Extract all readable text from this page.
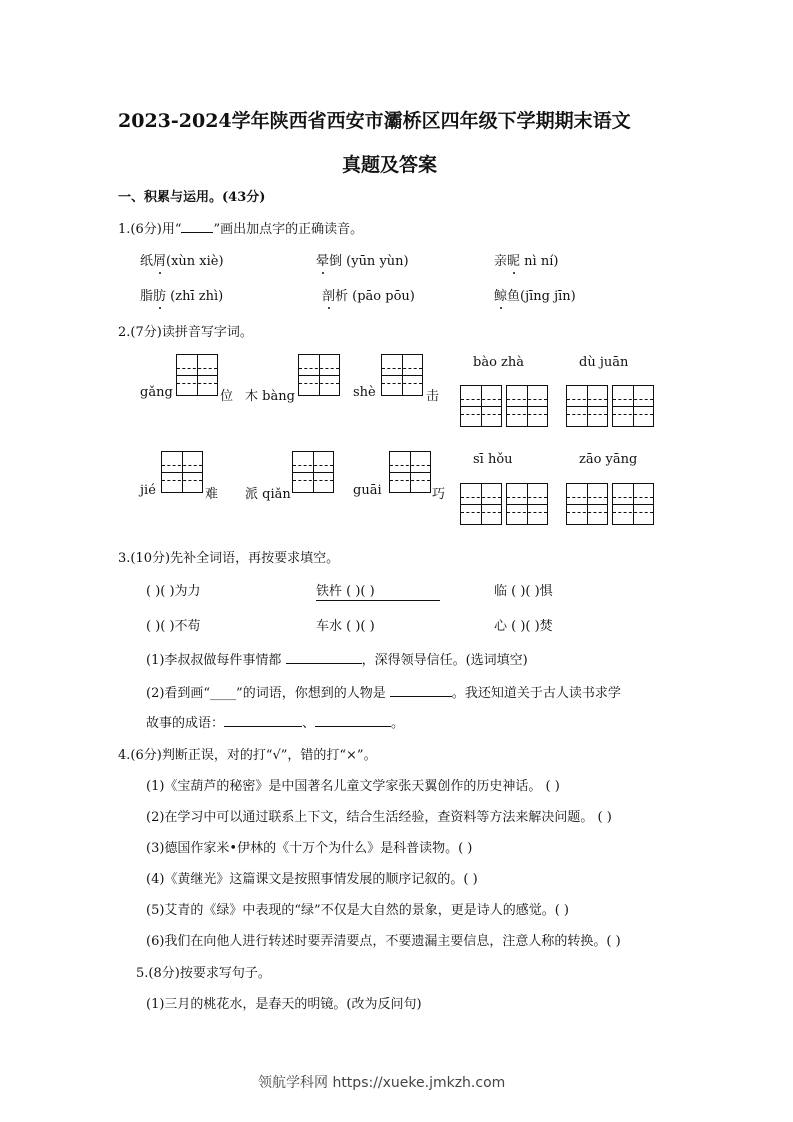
2023-2024学年陕西省西安市灞桥区四年级下学期期末语文
真题及答案
一、积累与运用。(43分)
1.(6分)用“ ”画出加点字的正确读音。
纸屑(xùn xiè)	晕倒 (yūn yùn)	亲昵 nì ní)
脂肪 (zhī zhì)	剖析 (pāo pōu)	鲸鱼(jīng jīn)
2.(7分)读拼音写字词。
gǎng	位 木 bàng	shè	击
bào zhà	dù juān
jié	难 派 qiǎn	guāi	巧
sī hǒu	zāo yāng
3.(10分)先补全词语，再按要求填空。
( )( )为力	铁杵 ( )( )	临 ( )( )惧
( )( )不苟	车水 ( )( )	心 ( )( )焚
(1)李叔叔做每件事情都	，深得领导信任。(选词填空)
(2)看到画“____”的词语，你想到的人物是	。我还知道关于古人读书求学
故事的成语：	、	。
4.(6分)判断正误，对的打“√”，错的打“×”。
(1)《宝葫芦的秘密》是中国著名儿童文学家张天翼创作的历史神话。 ( )
(2)在学习中可以通过联系上下文，结合生活经验，查资料等方法来解决问题。 ( )
(3)德国作家米•伊林的《十万个为什么》是科普读物。( )
(4)《黄继光》这篇课文是按照事情发展的顺序记叙的。( )
(5)艾青的《绿》中表现的“绿”不仅是大自然的景象，更是诗人的感觉。( )
(6)我们在向他人进行转述时要弄清要点，不要遗漏主要信息，注意人称的转换。( )
5.(8分)按要求写句子。
(1)三月的桃花水，是春天的明镜。(改为反问句)
领航学科网 https://xueke.jmkzh.com
